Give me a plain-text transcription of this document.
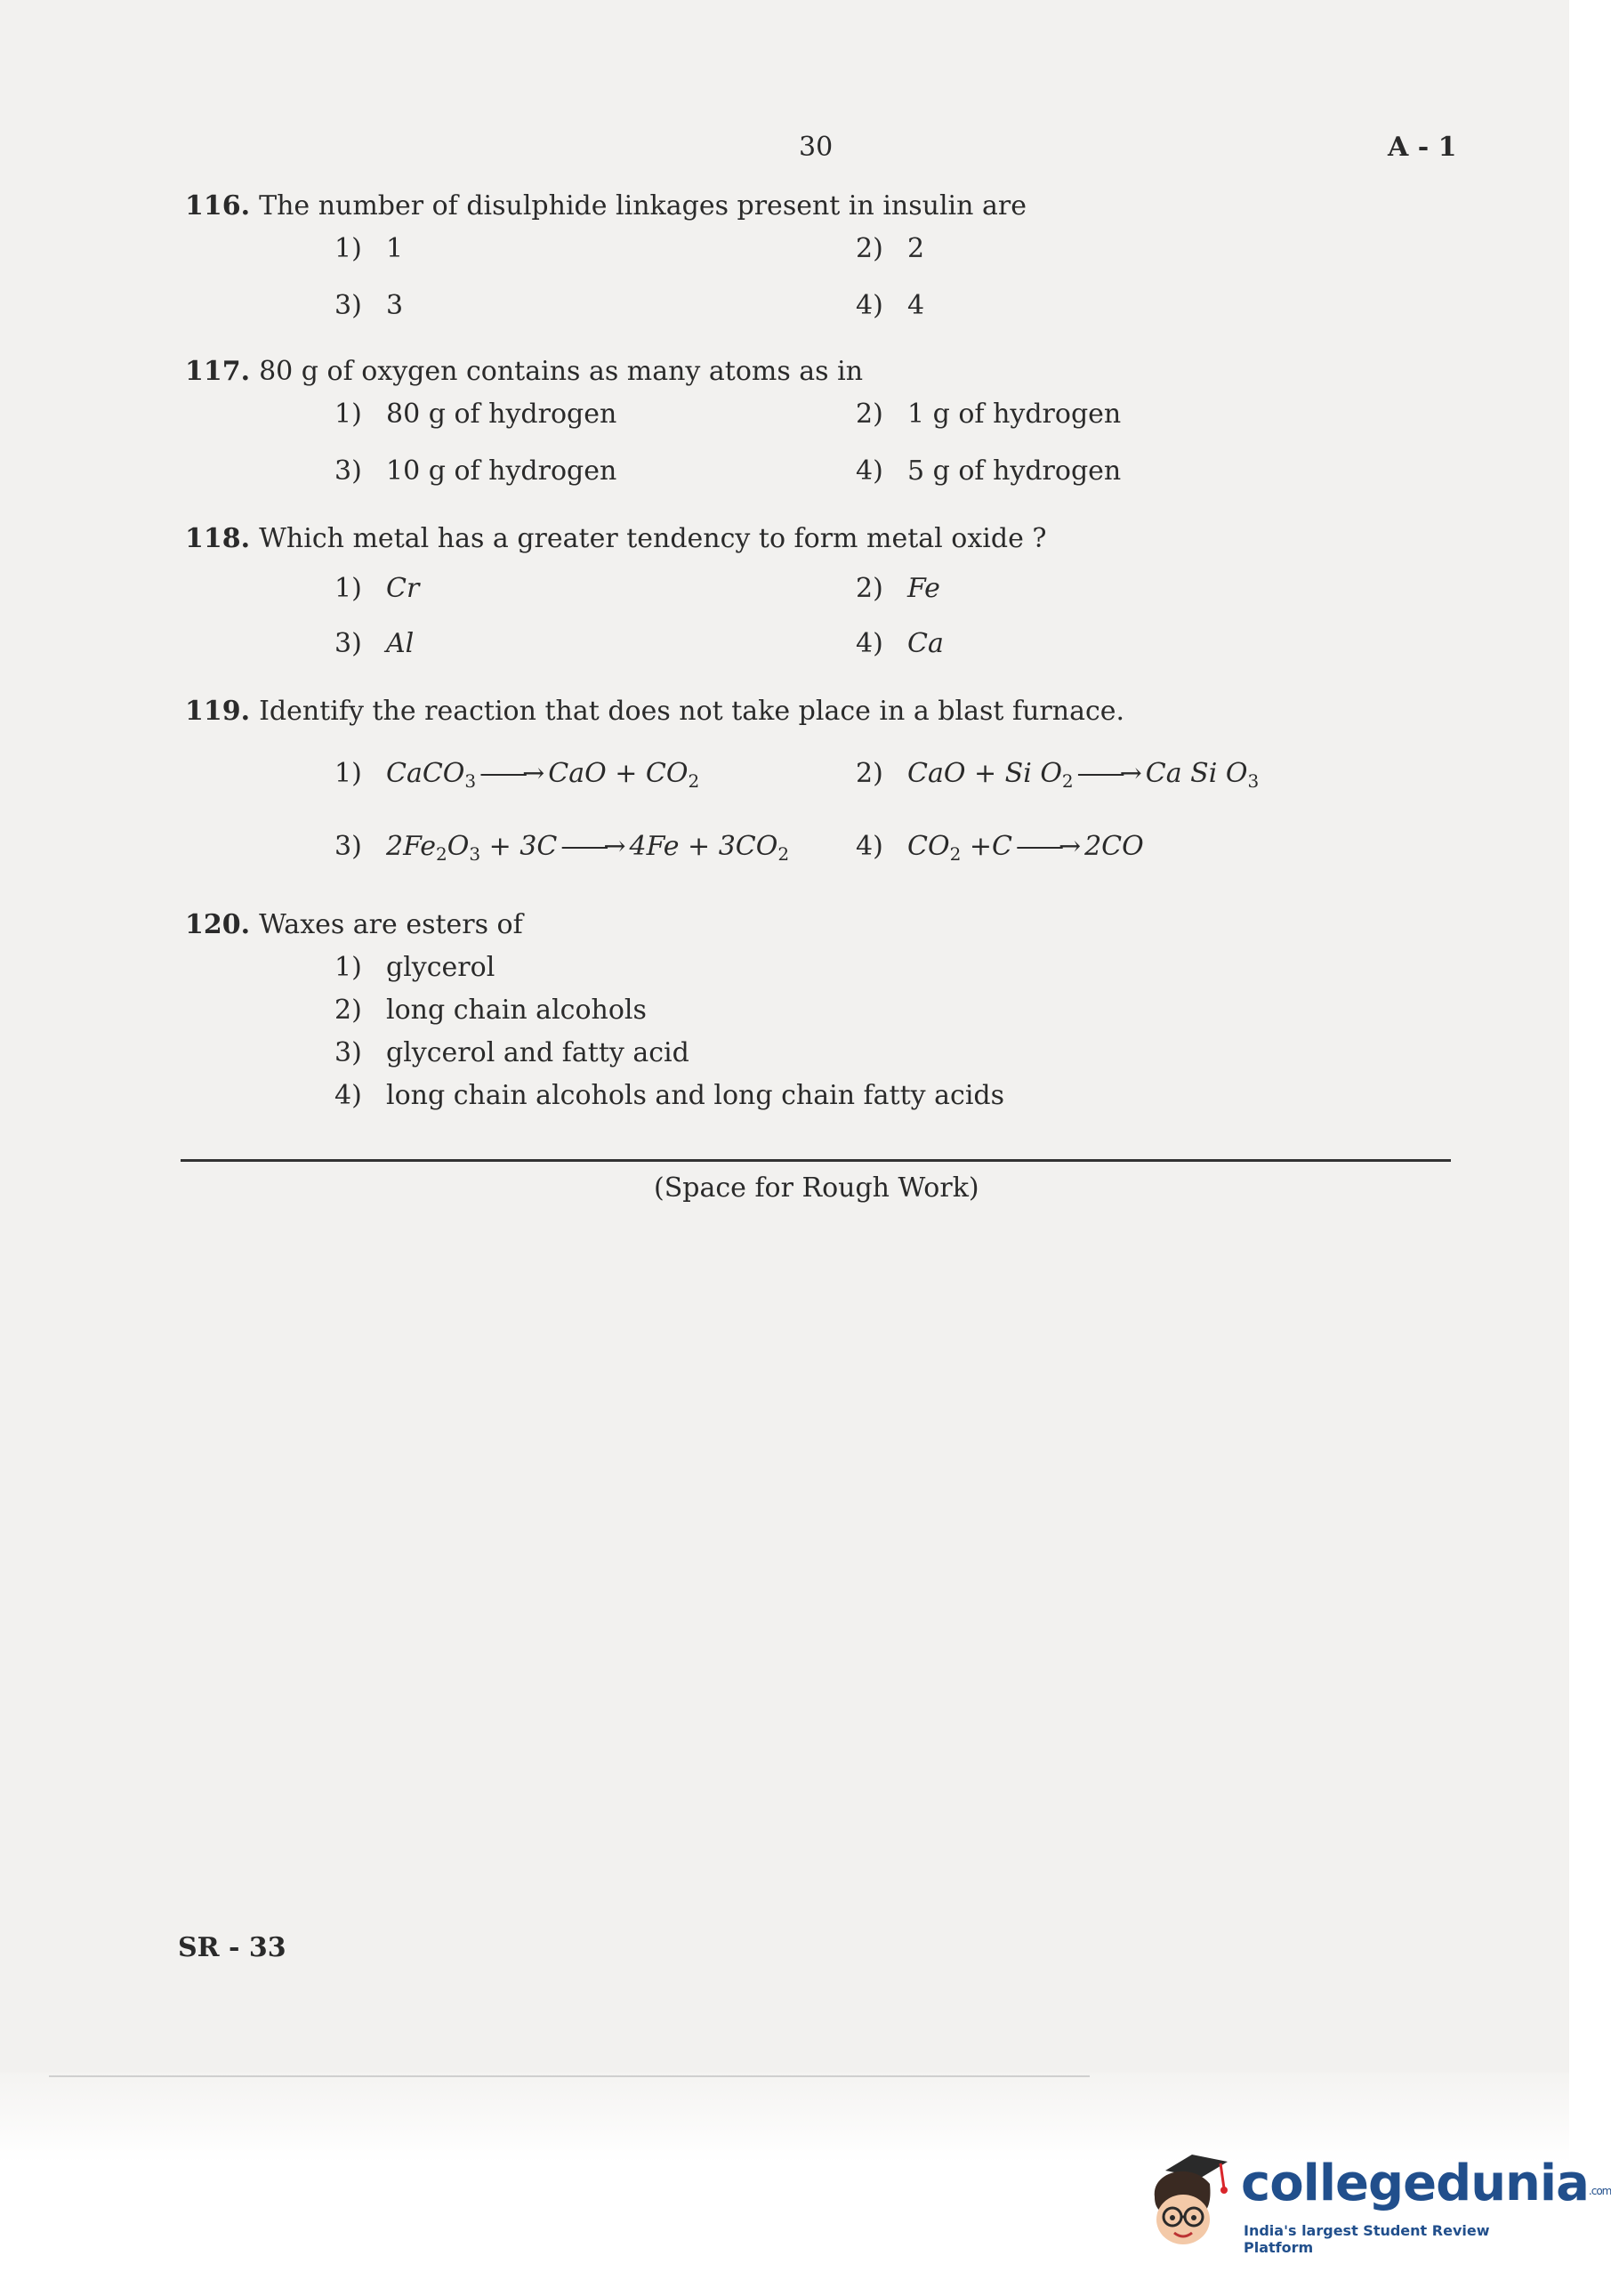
30	A - 1
116. The number of disulphide linkages present in insulin are
1) 1	2) 2
3) 3	4) 4
117. 80 g of oxygen contains as many atoms as in
1) 80 g of hydrogen	2) 1 g of hydrogen
3) 10 g of hydrogen	4) 5 g of hydrogen
118. Which metal has a greater tendency to form metal oxide ?
1) Cr	2) Fe
3) Al	4) Ca
119. Identify the reaction that does not take place in a blast furnace.
1) CaCO$_3$ ——→ CaO + $CO_2$	2) CaO + Si $O_2$ ——→ Ca Si $O_3$
3) $2Fe_2O_3 + 3C$ ——→ $4Fe + 3CO_2$ 4) $CO_2 +C$ ——→ 2CO
120. Waxes are esters of
1) glycerol
2) long chain alcohols
3) glycerol and fatty acid
4) long chain alcohols and long chain fatty acids
(Space for Rough Work)
SR - 33
collegedunia.com
India's largest Student Review Platform
